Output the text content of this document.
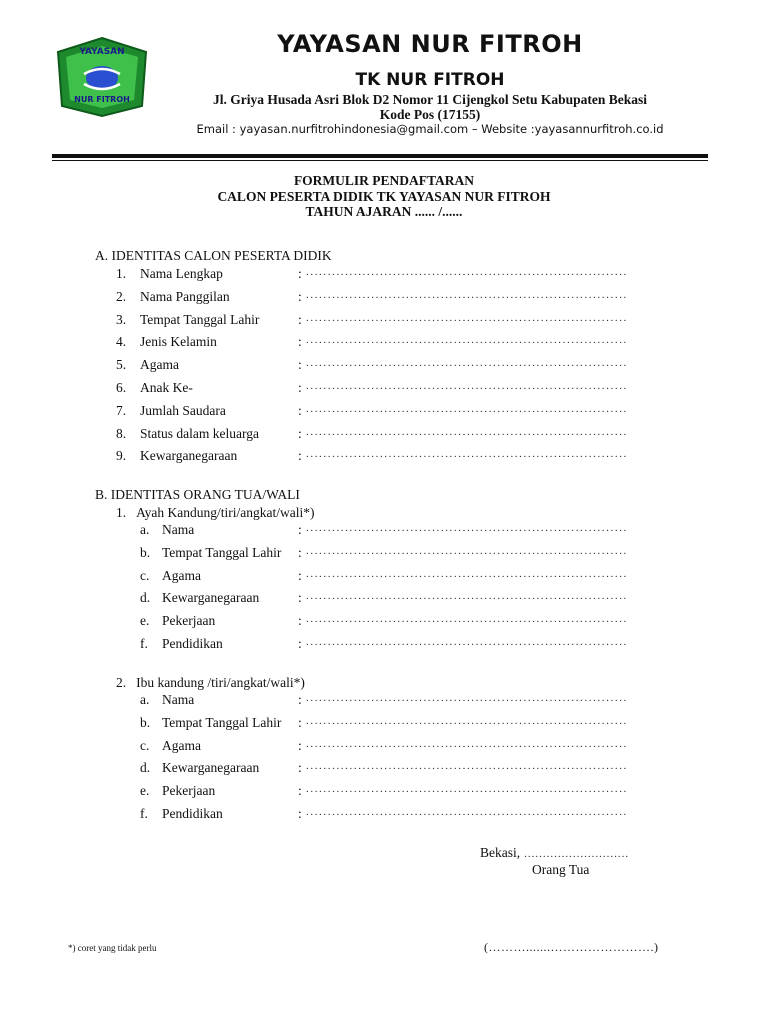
YAYASAN
NUR FITROH
YAYASAN NUR FITROH
TK NUR FITROH
Jl. Griya Husada Asri Blok D2 Nomor 11 Cijengkol Setu Kabupaten Bekasi
Kode Pos (17155)
Email : yayasan.nurfitrohindonesia@gmail.com – Website :yayasannurfitroh.co.id
FORMULIR PENDAFTARAN
CALON PESERTA DIDIK TK YAYASAN NUR FITROH
TAHUN AJARAN ...... /......
A. IDENTITAS CALON PESERTA DIDIK
1. Nama Lengkap	: ..........................................................................
2. Nama Panggilan	: ..........................................................................
3. Tempat Tanggal Lahir	: ..........................................................................
4. Jenis Kelamin	: ..........................................................................
5. Agama	: ..........................................................................
6. Anak Ke-	: ..........................................................................
7. Jumlah Saudara	: ..........................................................................
8. Status dalam keluarga	: ..........................................................................
9. Kewarganegaraan	: ..........................................................................
B. IDENTITAS ORANG TUA/WALI
1. Ayah Kandung/tiri/angkat/wali*)
a. Nama	: ..........................................................................
b. Tempat Tanggal Lahir : ..........................................................................
c. Agama	: ..........................................................................
d. Kewarganegaraan	: ..........................................................................
e. Pekerjaan	: ..........................................................................
f. Pendidikan	: ..........................................................................
2. Ibu kandung /tiri/angkat/wali*)
a. Nama	: ..........................................................................
b. Tempat Tanggal Lahir : ..........................................................................
c. Agama	: ..........................................................................
d. Kewarganegaraan	: ..........................................................................
e. Pekerjaan	: ..........................................................................
f. Pendidikan	: ..........................................................................
Bekasi, ............................
Orang Tua
(……….......…………………….)
*) coret yang tidak perlu
